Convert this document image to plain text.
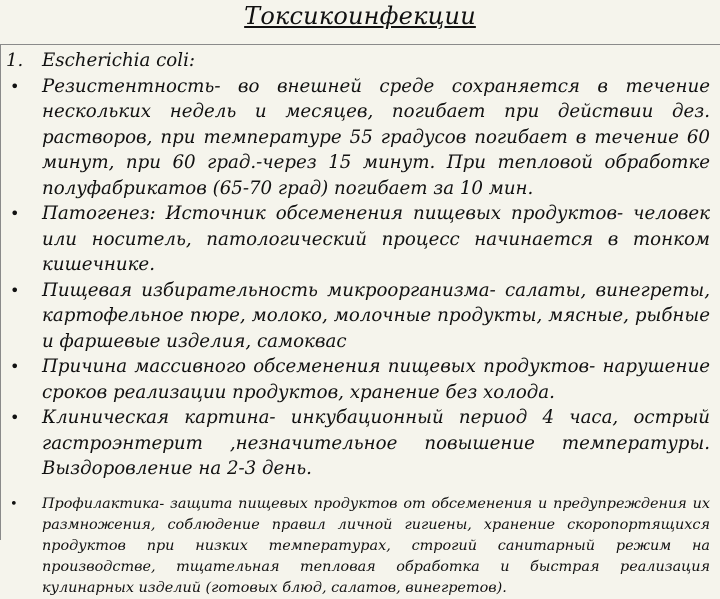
Токсикоинфекции
1.	Escherichia coli:
•	Резистентность- во внешней среде сохраняется в течение нескольких недель и месяцев, погибает при действии дез. растворов, при температуре 55 градусов погибает в течение 60 минут, при 60 град.-через 15 минут. При тепловой обработке полуфабрикатов (65-70 град) погибает за 10 мин.
•	Патогенез: Источник обсеменения пищевых продуктов- человек или носитель, патологический процесс начинается в тонком кишечнике.
•	Пищевая избирательность микроорганизма- салаты, винегреты, картофельное пюре, молоко, молочные продукты, мясные, рыбные и фаршевые изделия, самоквас
•	Причина массивного обсеменения пищевых продуктов- нарушение сроков реализации продуктов, хранение без холода.
•	Клиническая картина- инкубационный период 4 часа, острый гастроэнтерит ,незначительное повышение температуры. Выздоровление на 2-3 день.
•	Профилактика- защита пищевых продуктов от обсеменения и предупреждения их размножения, соблюдение правил личной гигиены, хранение скоропортящихся продуктов при низких температурах, строгий санитарный режим на производстве, тщательная тепловая обработка и быстрая реализация кулинарных изделий (готовых блюд, салатов, винегретов).
